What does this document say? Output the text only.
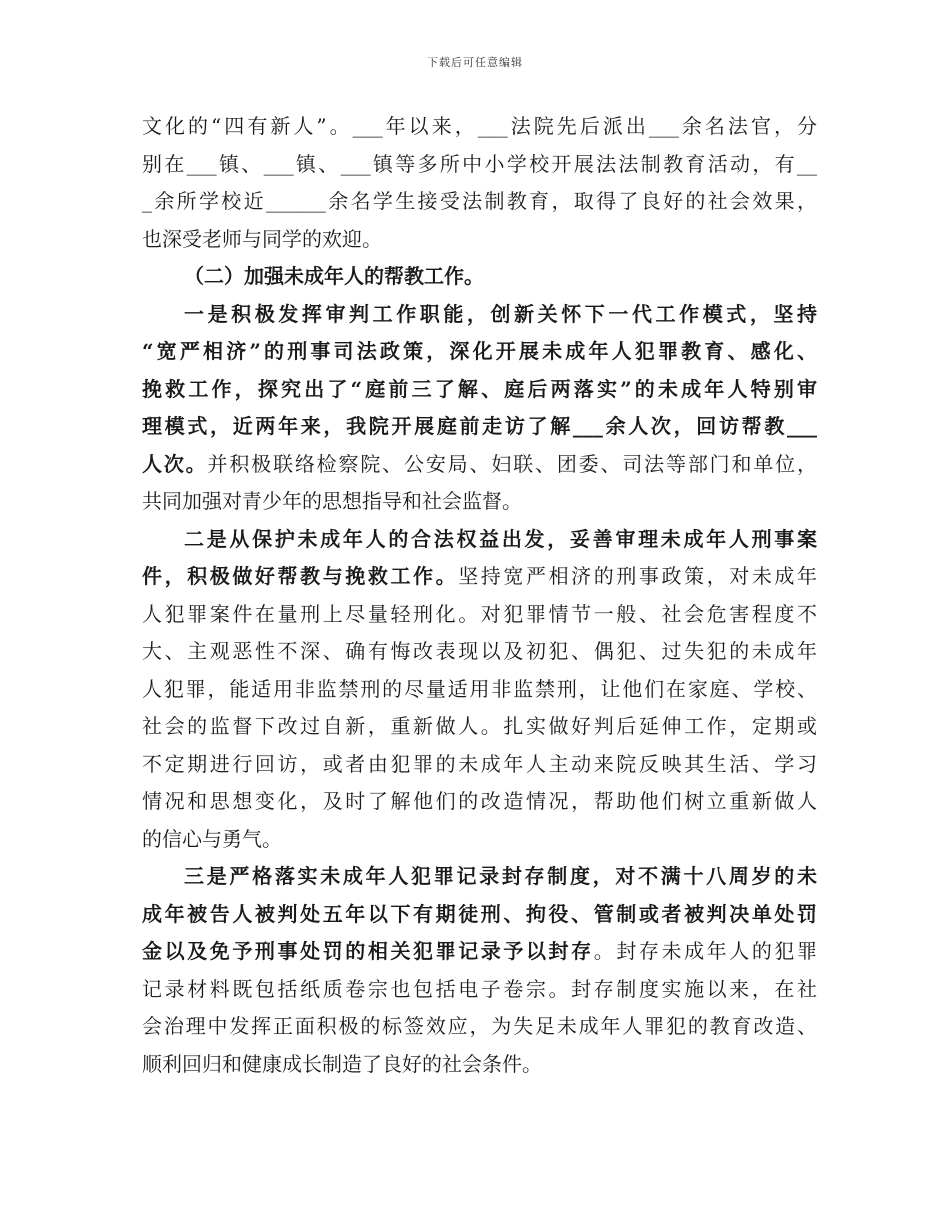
下载后可任意编辑
文化的“四有新人”。___年以来，___法院先后派出___余名法官，分
别在___镇、___镇、___镇等多所中小学校开展法法制教育活动，有__
_余所学校近______余名学生接受法制教育，取得了良好的社会效果，
也深受老师与同学的欢迎。
（二）加强未成年人的帮教工作。
一是积极发挥审判工作职能，创新关怀下一代工作模式，坚持
“宽严相济”的刑事司法政策，深化开展未成年人犯罪教育、感化、
挽救工作，探究出了“庭前三了解、庭后两落实”的未成年人特别审
理模式，近两年来，我院开展庭前走访了解___余人次，回访帮教___
人次。并积极联络检察院、公安局、妇联、团委、司法等部门和单位，
共同加强对青少年的思想指导和社会监督。
二是从保护未成年人的合法权益出发，妥善审理未成年人刑事案
件，积极做好帮教与挽救工作。坚持宽严相济的刑事政策，对未成年
人犯罪案件在量刑上尽量轻刑化。对犯罪情节一般、社会危害程度不
大、主观恶性不深、确有悔改表现以及初犯、偶犯、过失犯的未成年
人犯罪，能适用非监禁刑的尽量适用非监禁刑，让他们在家庭、学校、
社会的监督下改过自新，重新做人。扎实做好判后延伸工作，定期或
不定期进行回访，或者由犯罪的未成年人主动来院反映其生活、学习
情况和思想变化，及时了解他们的改造情况，帮助他们树立重新做人
的信心与勇气。
三是严格落实未成年人犯罪记录封存制度，对不满十八周岁的未
成年被告人被判处五年以下有期徒刑、拘役、管制或者被判决单处罚
金以及免予刑事处罚的相关犯罪记录予以封存。封存未成年人的犯罪
记录材料既包括纸质卷宗也包括电子卷宗。封存制度实施以来，在社
会治理中发挥正面积极的标签效应，为失足未成年人罪犯的教育改造、
顺利回归和健康成长制造了良好的社会条件。
